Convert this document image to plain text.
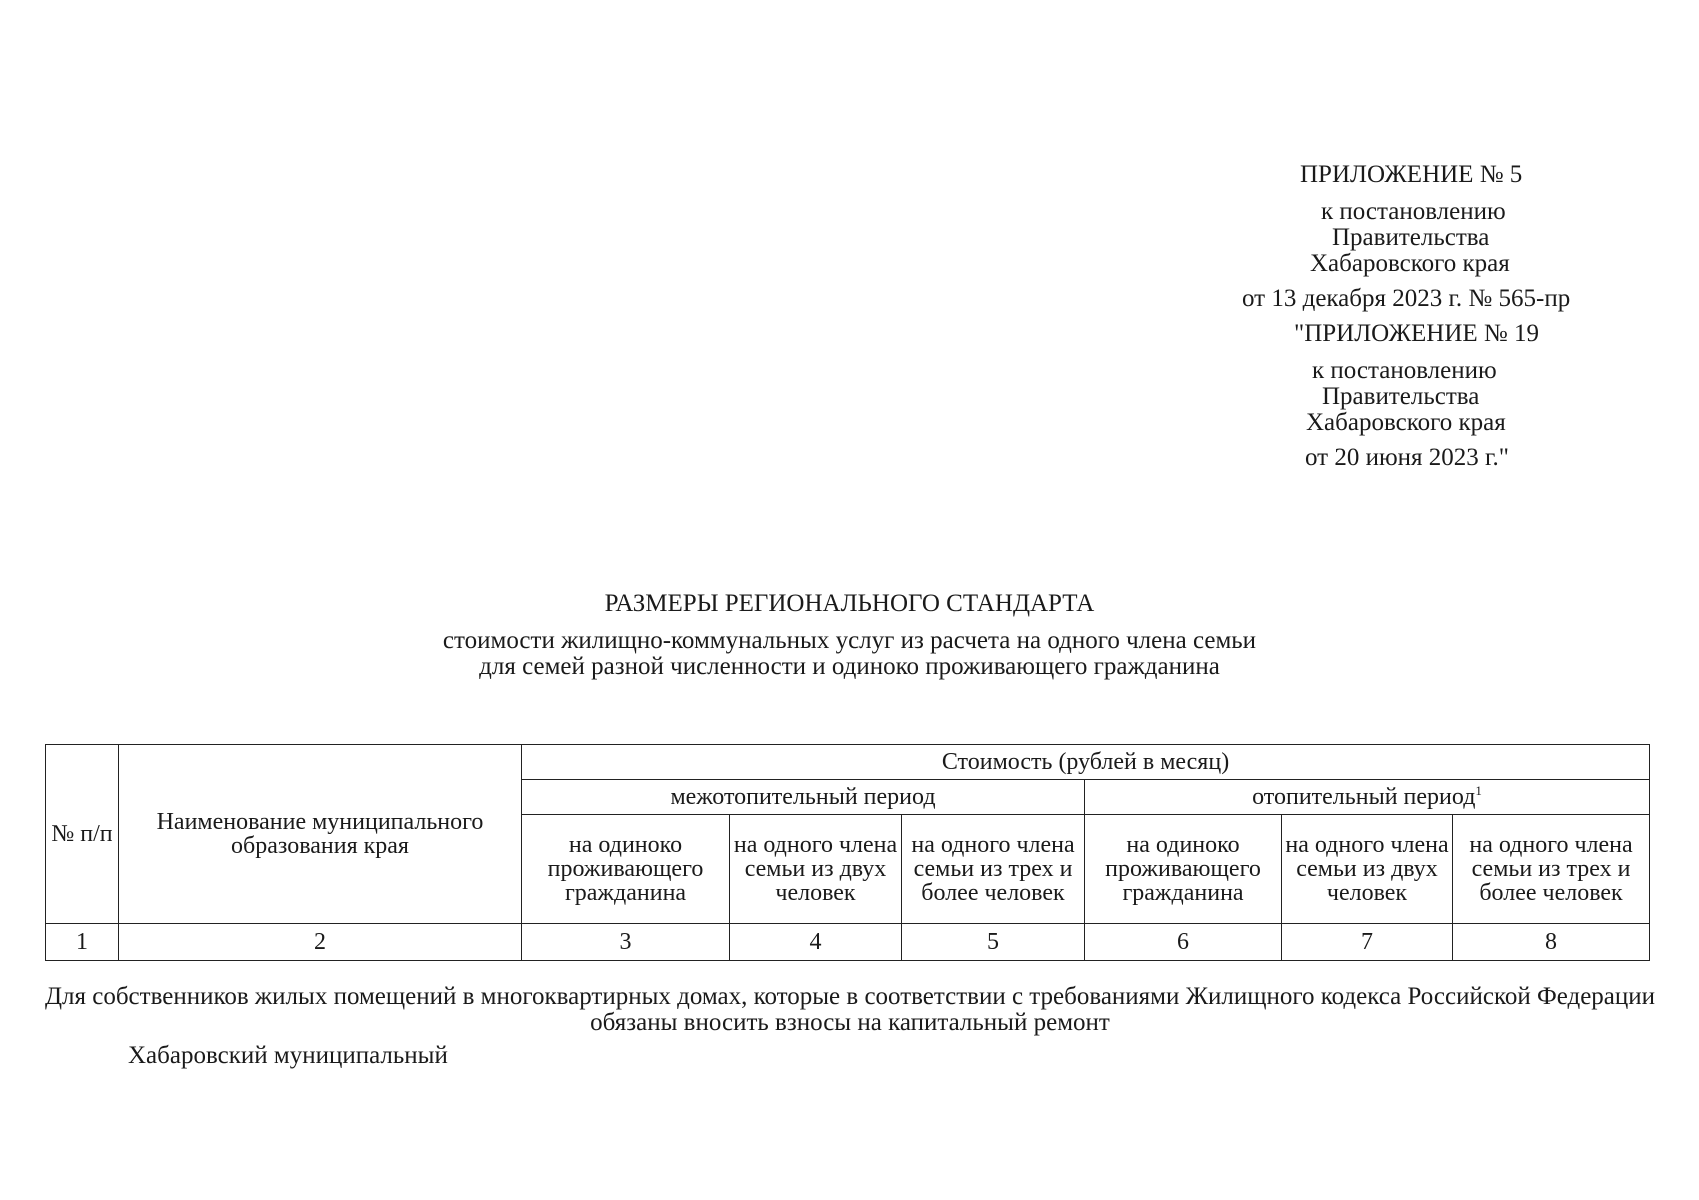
ПРИЛОЖЕНИЕ № 5
к постановлению
Правительства
Хабаровского края
от 13 декабря 2023 г. № 565-пр
"ПРИЛОЖЕНИЕ № 19
к постановлению
Правительства
Хабаровского края
от 20 июня 2023 г."
РАЗМЕРЫ РЕГИОНАЛЬНОГО СТАНДАРТА
стоимости жилищно-коммунальных услуг из расчета на одного члена семьи
для семей разной численности и одиноко проживающего гражданина
№ п/п	Наименование муниципального образования края	Стоимость (рублей в месяц)					
		межотопительный период			отопительный период$^1$
		на одиноко проживающего гражданина	на одного члена семьи из двух человек	на одного члена семьи из трех и более человек	на одиноко проживающего гражданина	на одного члена семьи из двух человек	на одного члена семьи из трех и более человек
1	2	3	4	5	6	7	8
Для собственников жилых помещений в многоквартирных домах, которые в соответствии с требованиями Жилищного кодекса Российской Федерации обязаны вносить взносы на капитальный ремонт
Хабаровский муниципальный
